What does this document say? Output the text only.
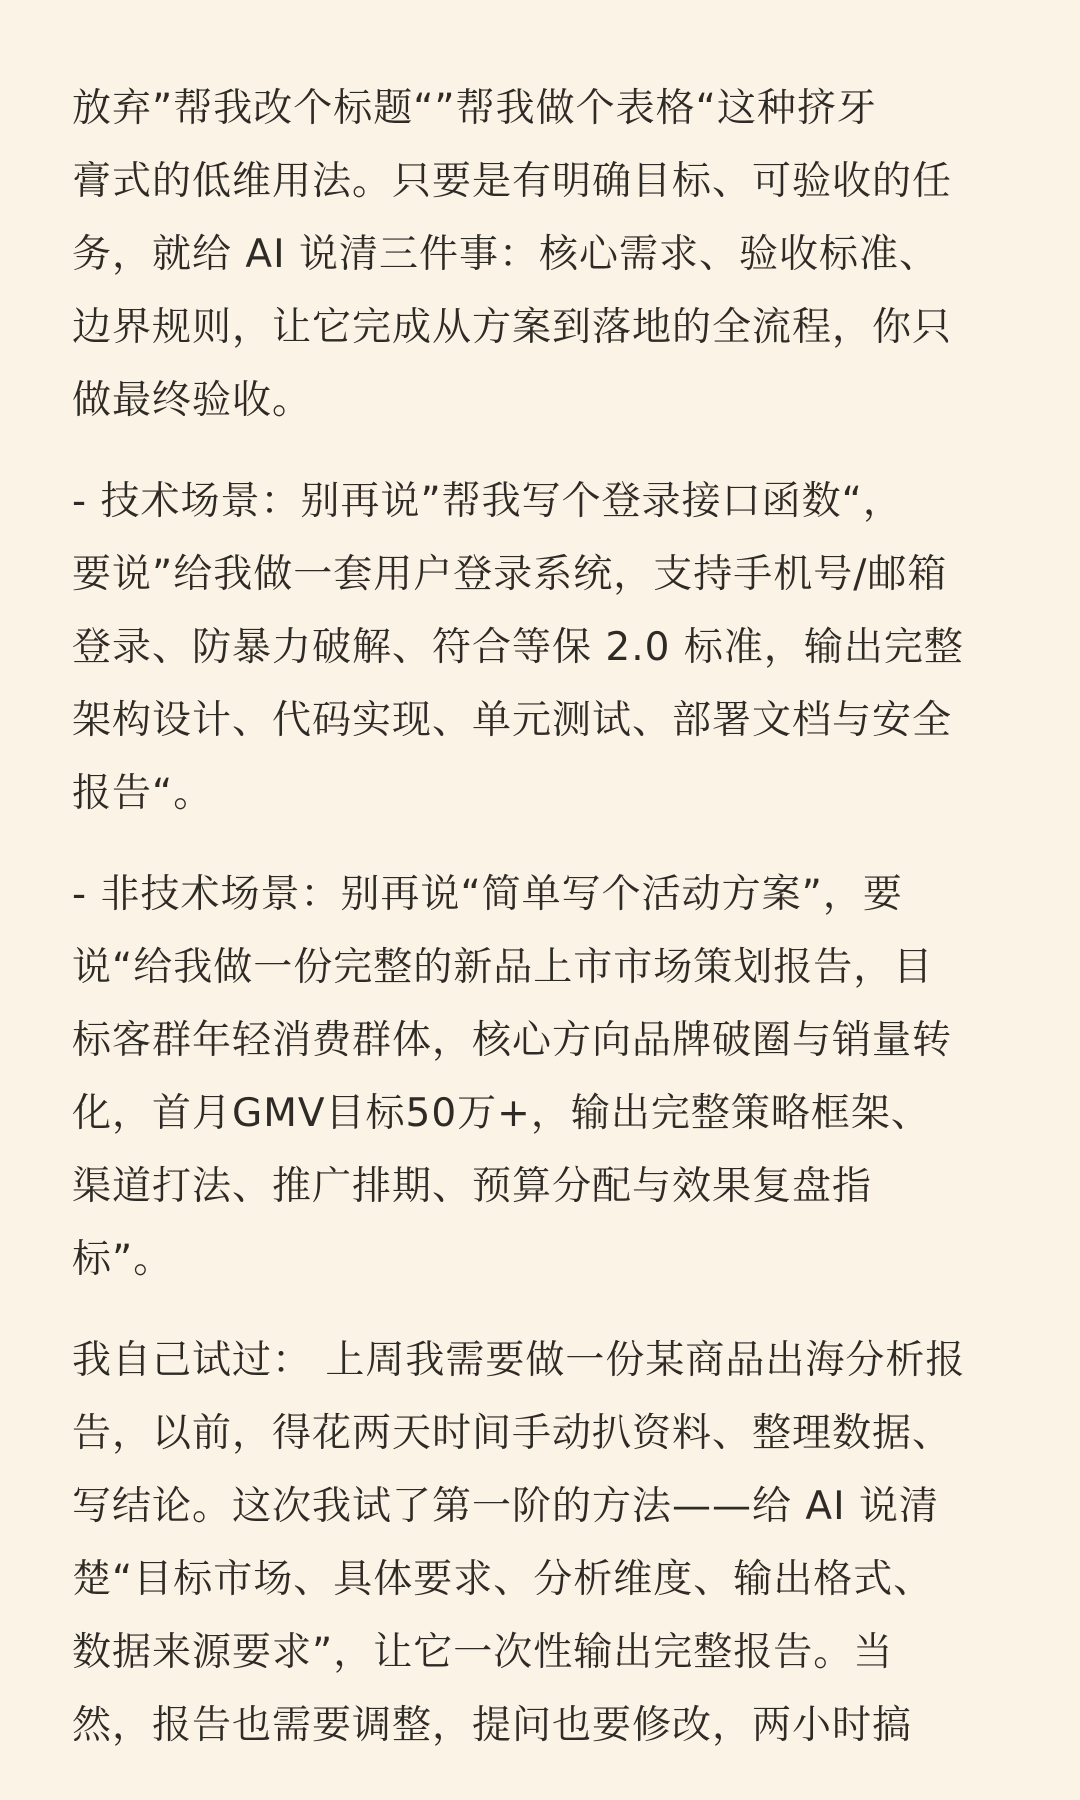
放弃”帮我改个标题“”帮我做个表格“这种挤牙
膏式的低维用法。只要是有明确目标、可验收的任
务，就给 AI 说清三件事：核心需求、验收标准、
边界规则，让它完成从方案到落地的全流程，你只
做最终验收。
- 技术场景：别再说”帮我写个登录接口函数“，
要说”给我做一套用户登录系统，支持手机号/邮箱
登录、防暴力破解、符合等保 2.0 标准，输出完整
架构设计、代码实现、单元测试、部署文档与安全
报告“。
- 非技术场景：别再说“简单写个活动方案”，要
说“给我做一份完整的新品上市市场策划报告，目
标客群年轻消费群体，核心方向品牌破圈与销量转
化，首月GMV目标50万+，输出完整策略框架、
渠道打法、推广排期、预算分配与效果复盘指
标”。
我自己试过： 上周我需要做一份某商品出海分析报
告，以前，得花两天时间手动扒资料、整理数据、
写结论。这次我试了第一阶的方法——给 AI 说清
楚“目标市场、具体要求、分析维度、输出格式、
数据来源要求”，让它一次性输出完整报告。当
然，报告也需要调整，提问也要修改，两小时搞
